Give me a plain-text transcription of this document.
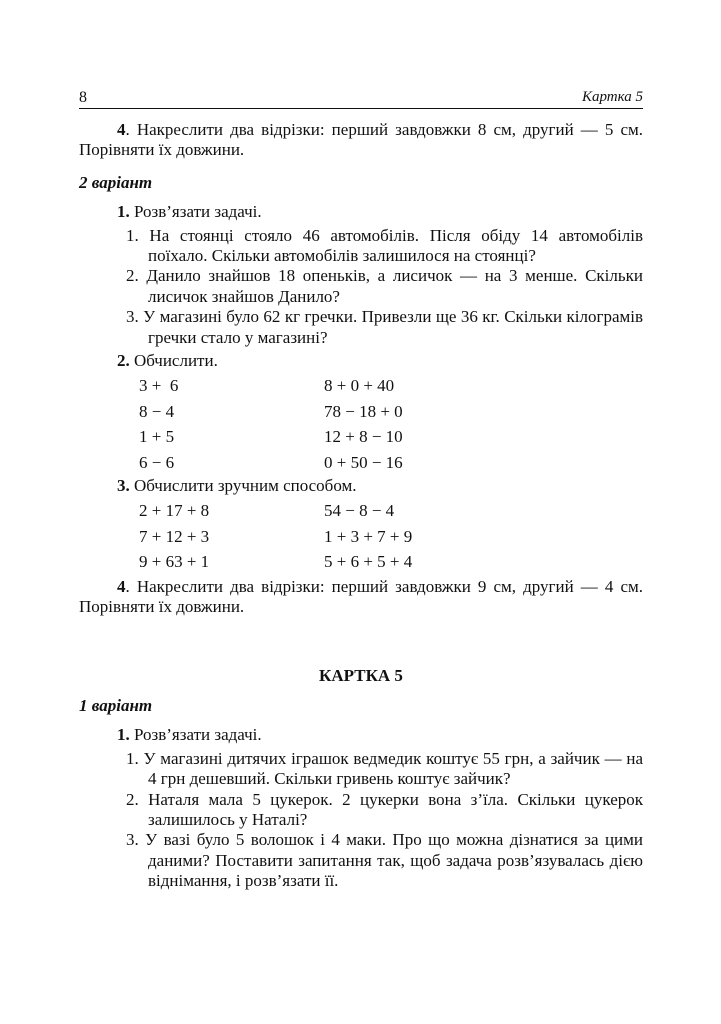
8	Картка 5

4. Накреслити два відрізки: перший завдовжки 8 см, другий — 5 см. Порівняти їх довжини.

2 варіант

1. Розв’язати задачі.

1. На стоянці стояло 46 автомобілів. Після обіду 14 автомобілів поїхало. Скільки автомобілів залишилося на стоянці?

2. Данило знайшов 18 опеньків, а лисичок — на 3 менше. Скільки лисичок знайшов Данило?

3. У магазині було 62 кг гречки. Привезли ще 36 кг. Скільки кілограмів гречки стало у магазині?

2. Обчислити.

3 +  6	8 + 0 + 40
8 − 4	78 − 18 + 0
1 + 5	12 + 8 − 10
6 − 6	0 + 50 − 16

3. Обчислити зручним способом.

2 + 17 + 8	54 − 8 − 4
7 + 12 + 3	1 + 3 + 7 + 9
9 + 63 + 1	5 + 6 + 5 + 4

4. Накреслити два відрізки: перший завдовжки 9 см, другий — 4 см. Порівняти їх довжини.

КАРТКА 5

1 варіант

1. Розв’язати задачі.

1. У магазині дитячих іграшок ведмедик коштує 55 грн, а зайчик — на 4 грн дешевший. Скільки гривень коштує зайчик?

2. Наталя мала 5 цукерок. 2 цукерки вона з’їла. Скільки цукерок залишилось у Наталі?

3. У вазі було 5 волошок і 4 маки. Про що можна дізнатися за цими даними? Поставити запитання так, щоб задача розв’язувалась дією віднімання, і розв’язати її.
